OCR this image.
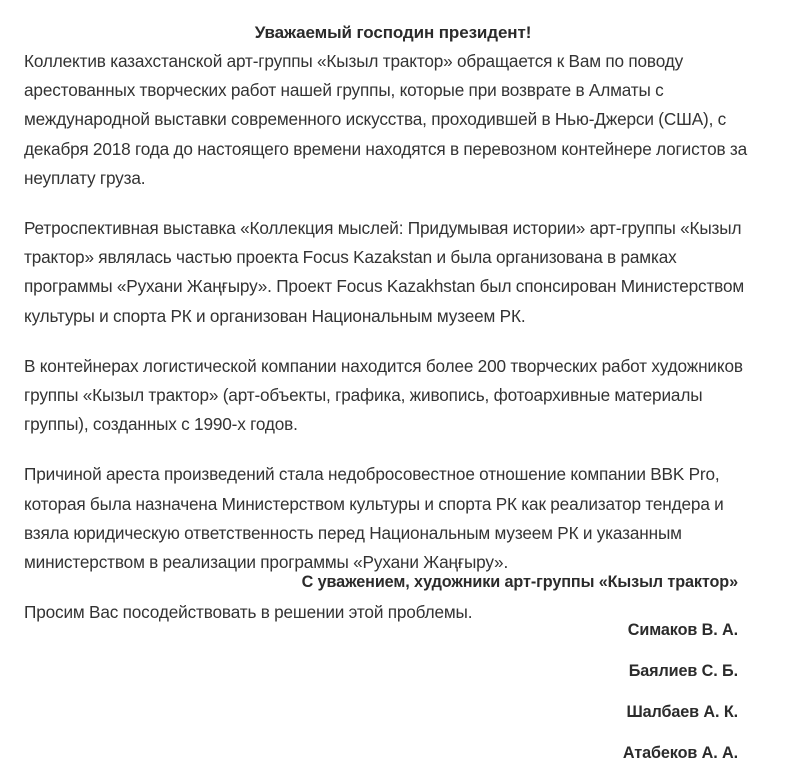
Уважаемый господин президент!

Коллектив казахстанской арт-группы «Кызыл трактор» обращается к Вам по поводу арестованных творческих работ нашей группы, которые при возврате в Алматы с международной выставки современного искусства, проходившей в Нью-Джерси (США), с декабря 2018 года до настоящего времени находятся в перевозном контейнере логистов за неуплату груза.

Ретроспективная выставка «Коллекция мыслей: Придумывая истории» арт-группы «Кызыл трактор» являлась частью проекта Focus Kazakstan и была организована в рамках программы «Рухани Жаңғыру». Проект Focus Kazakhstan был спонсирован Министерством культуры и спорта РК и организован Национальным музеем РК.

В контейнерах логистической компании находится более 200 творческих работ художников группы «Кызыл трактор» (арт-объекты, графика, живопись, фотоархивные материалы группы), созданных с 1990-х годов.

Причиной ареста произведений стала недобросовестное отношение компании BBK Pro, которая была назначена Министерством культуры и спорта РК как реализатор тендера и взяла юридическую ответственность перед Национальным музеем РК и указанным министерством в реализации программы «Рухани Жаңғыру».

Просим Вас посодействовать в решении этой проблемы.

С уважением, художники арт-группы «Кызыл трактор»

Симаков В. А.
Баялиев С. Б.
Шалбаев А. К.
Атабеков А. А.
